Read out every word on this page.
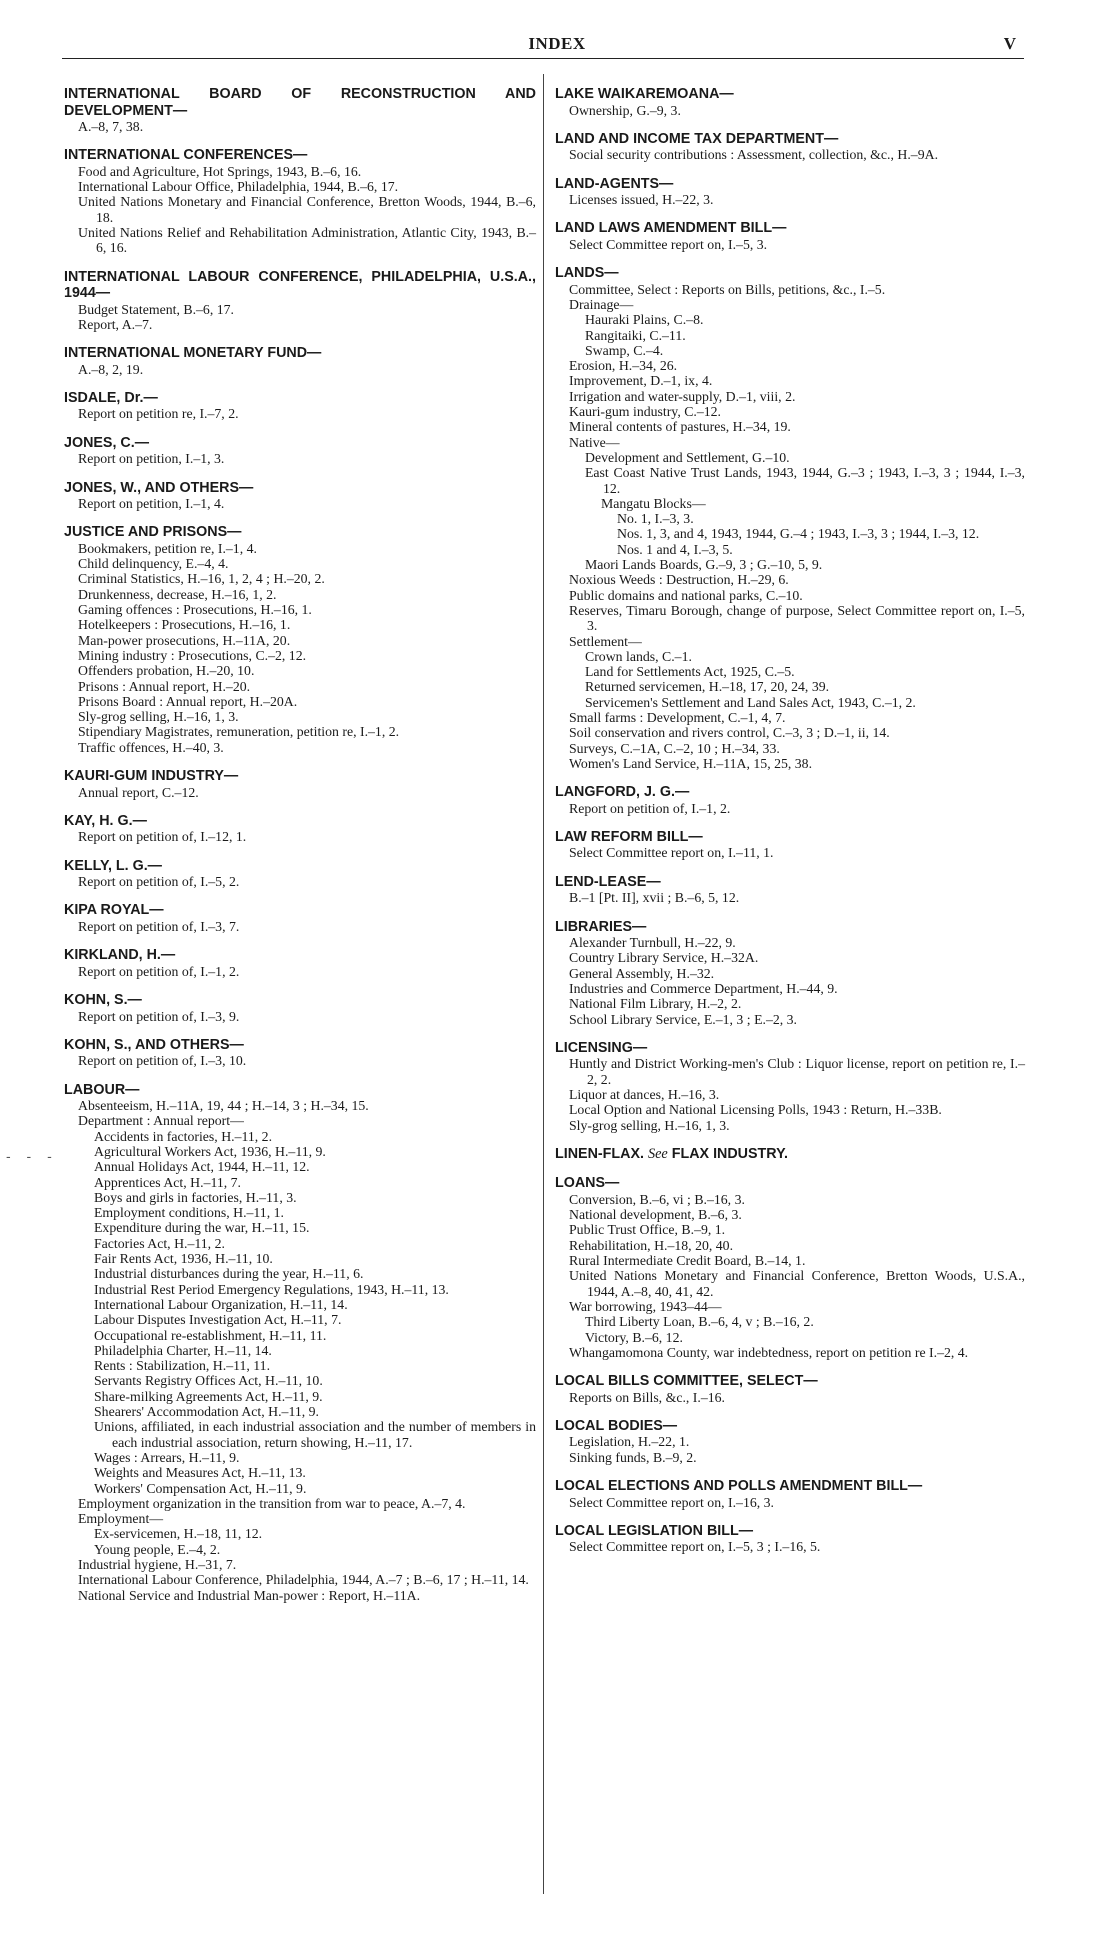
INDEX	V
- - -
INTERNATIONAL BOARD OF RECONSTRUCTION AND DEVELOPMENT—
A.–8, 7, 38.
INTERNATIONAL CONFERENCES—
Food and Agriculture, Hot Springs, 1943, B.–6, 16.
International Labour Office, Philadelphia, 1944, B.–6, 17.
United Nations Monetary and Financial Conference, Bretton Woods, 1944, B.–6, 18.
United Nations Relief and Rehabilitation Administration, Atlantic City, 1943, B.–6, 16.
INTERNATIONAL LABOUR CONFERENCE, PHILADELPHIA, U.S.A., 1944—
Budget Statement, B.–6, 17.
Report, A.–7.
INTERNATIONAL MONETARY FUND—
A.–8, 2, 19.
ISDALE, Dr.—
Report on petition re, I.–7, 2.
JONES, C.—
Report on petition, I.–1, 3.
JONES, W., AND OTHERS—
Report on petition, I.–1, 4.
JUSTICE AND PRISONS—
Bookmakers, petition re, I.–1, 4.
Child delinquency, E.–4, 4.
Criminal Statistics, H.–16, 1, 2, 4 ; H.–20, 2.
Drunkenness, decrease, H.–16, 1, 2.
Gaming offences : Prosecutions, H.–16, 1.
Hotelkeepers : Prosecutions, H.–16, 1.
Man-power prosecutions, H.–11A, 20.
Mining industry : Prosecutions, C.–2, 12.
Offenders probation, H.–20, 10.
Prisons : Annual report, H.–20.
Prisons Board : Annual report, H.–20A.
Sly-grog selling, H.–16, 1, 3.
Stipendiary Magistrates, remuneration, petition re, I.–1, 2.
Traffic offences, H.–40, 3.
KAURI-GUM INDUSTRY—
Annual report, C.–12.
KAY, H. G.—
Report on petition of, I.–12, 1.
KELLY, L. G.—
Report on petition of, I.–5, 2.
KIPA ROYAL—
Report on petition of, I.–3, 7.
KIRKLAND, H.—
Report on petition of, I.–1, 2.
KOHN, S.—
Report on petition of, I.–3, 9.
KOHN, S., AND OTHERS—
Report on petition of, I.–3, 10.
LABOUR—
Absenteeism, H.–11A, 19, 44 ; H.–14, 3 ; H.–34, 15.
Department : Annual report—
Accidents in factories, H.–11, 2.
Agricultural Workers Act, 1936, H.–11, 9.
Annual Holidays Act, 1944, H.–11, 12.
Apprentices Act, H.–11, 7.
Boys and girls in factories, H.–11, 3.
Employment conditions, H.–11, 1.
Expenditure during the war, H.–11, 15.
Factories Act, H.–11, 2.
Fair Rents Act, 1936, H.–11, 10.
Industrial disturbances during the year, H.–11, 6.
Industrial Rest Period Emergency Regulations, 1943, H.–11, 13.
International Labour Organization, H.–11, 14.
Labour Disputes Investigation Act, H.–11, 7.
Occupational re-establishment, H.–11, 11.
Philadelphia Charter, H.–11, 14.
Rents : Stabilization, H.–11, 11.
Servants Registry Offices Act, H.–11, 10.
Share-milking Agreements Act, H.–11, 9.
Shearers' Accommodation Act, H.–11, 9.
Unions, affiliated, in each industrial association and the number of members in each industrial association, return showing, H.–11, 17.
Wages : Arrears, H.–11, 9.
Weights and Measures Act, H.–11, 13.
Workers' Compensation Act, H.–11, 9.
Employment organization in the transition from war to peace, A.–7, 4.
Employment—
Ex-servicemen, H.–18, 11, 12.
Young people, E.–4, 2.
Industrial hygiene, H.–31, 7.
International Labour Conference, Philadelphia, 1944, A.–7 ; B.–6, 17 ; H.–11, 14.
National Service and Industrial Man-power : Report, H.–11A.
LAKE WAIKAREMOANA—
Ownership, G.–9, 3.
LAND AND INCOME TAX DEPARTMENT—
Social security contributions : Assessment, collection, &c., H.–9A.
LAND-AGENTS—
Licenses issued, H.–22, 3.
LAND LAWS AMENDMENT BILL—
Select Committee report on, I.–5, 3.
LANDS—
Committee, Select : Reports on Bills, petitions, &c., I.–5.
Drainage—
Hauraki Plains, C.–8.
Rangitaiki, C.–11.
Swamp, C.–4.
Erosion, H.–34, 26.
Improvement, D.–1, ix, 4.
Irrigation and water-supply, D.–1, viii, 2.
Kauri-gum industry, C.–12.
Mineral contents of pastures, H.–34, 19.
Native—
Development and Settlement, G.–10.
East Coast Native Trust Lands, 1943, 1944, G.–3 ; 1943, I.–3, 3 ; 1944, I.–3, 12.
Mangatu Blocks—
No. 1, I.–3, 3.
Nos. 1, 3, and 4, 1943, 1944, G.–4 ; 1943, I.–3, 3 ; 1944, I.–3, 12.
Nos. 1 and 4, I.–3, 5.
Maori Lands Boards, G.–9, 3 ; G.–10, 5, 9.
Noxious Weeds : Destruction, H.–29, 6.
Public domains and national parks, C.–10.
Reserves, Timaru Borough, change of purpose, Select Committee report on, I.–5, 3.
Settlement—
Crown lands, C.–1.
Land for Settlements Act, 1925, C.–5.
Returned servicemen, H.–18, 17, 20, 24, 39.
Servicemen's Settlement and Land Sales Act, 1943, C.–1, 2.
Small farms : Development, C.–1, 4, 7.
Soil conservation and rivers control, C.–3, 3 ; D.–1, ii, 14.
Surveys, C.–1A, C.–2, 10 ; H.–34, 33.
Women's Land Service, H.–11A, 15, 25, 38.
LANGFORD, J. G.—
Report on petition of, I.–1, 2.
LAW REFORM BILL—
Select Committee report on, I.–11, 1.
LEND-LEASE—
B.–1 [Pt. II], xvii ; B.–6, 5, 12.
LIBRARIES—
Alexander Turnbull, H.–22, 9.
Country Library Service, H.–32A.
General Assembly, H.–32.
Industries and Commerce Department, H.–44, 9.
National Film Library, H.–2, 2.
School Library Service, E.–1, 3 ; E.–2, 3.
LICENSING—
Huntly and District Working-men's Club : Liquor license, report on petition re, I.–2, 2.
Liquor at dances, H.–16, 3.
Local Option and National Licensing Polls, 1943 : Return, H.–33B.
Sly-grog selling, H.–16, 1, 3.
LINEN-FLAX. See FLAX INDUSTRY.
LOANS—
Conversion, B.–6, vi ; B.–16, 3.
National development, B.–6, 3.
Public Trust Office, B.–9, 1.
Rehabilitation, H.–18, 20, 40.
Rural Intermediate Credit Board, B.–14, 1.
United Nations Monetary and Financial Conference, Bretton Woods, U.S.A., 1944, A.–8, 40, 41, 42.
War borrowing, 1943–44—
Third Liberty Loan, B.–6, 4, v ; B.–16, 2.
Victory, B.–6, 12.
Whangamomona County, war indebtedness, report on petition re I.–2, 4.
LOCAL BILLS COMMITTEE, SELECT—
Reports on Bills, &c., I.–16.
LOCAL BODIES—
Legislation, H.–22, 1.
Sinking funds, B.–9, 2.
LOCAL ELECTIONS AND POLLS AMENDMENT BILL—
Select Committee report on, I.–16, 3.
LOCAL LEGISLATION BILL—
Select Committee report on, I.–5, 3 ; I.–16, 5.
